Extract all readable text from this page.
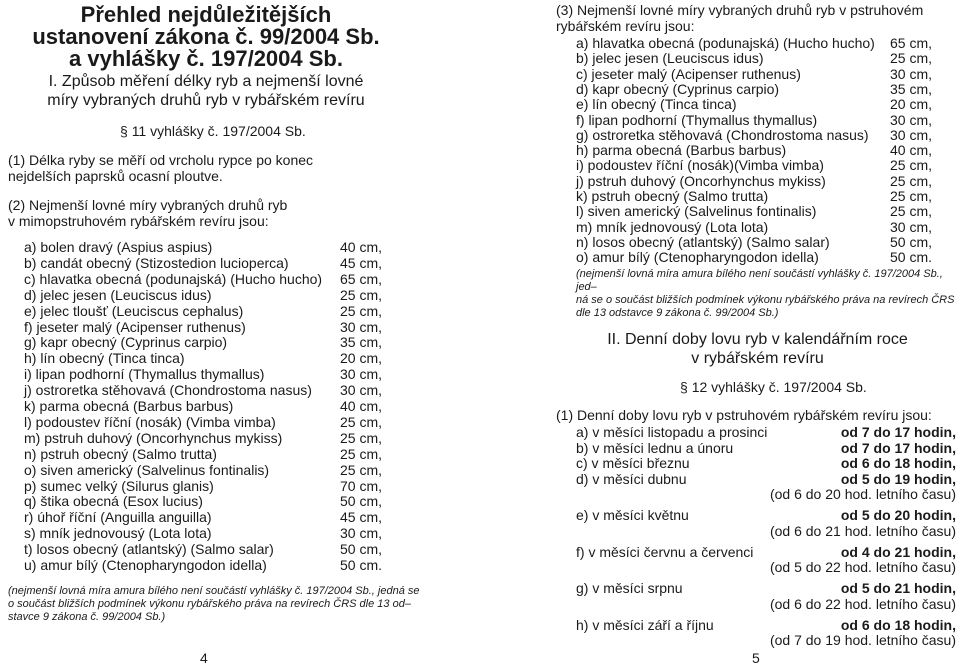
Přehled nejdůležitějších
ustanovení zákona č. 99/2004 Sb.
a vyhlášky č. 197/2004 Sb.
I. Způsob měření délky ryb a nejmenší lovné
míry vybraných druhů ryb v rybářském revíru
§ 11 vyhlášky č. 197/2004 Sb.
(1) Délka ryby se měří od vrcholu rypce po konec
nejdelších paprsků ocasní ploutve.
(2) Nejmenší lovné míry vybraných druhů ryb
v mimopstruhovém rybářském revíru jsou:
a) bolen dravý (Aspius aspius)	40 cm,
b) candát obecný (Stizostedion lucioperca)	45 cm,
c) hlavatka obecná (podunajská) (Hucho hucho) 65 cm,
d) jelec jesen (Leuciscus idus)	25 cm,
e) jelec tloušť (Leuciscus cephalus)	25 cm,
f) jeseter malý (Acipenser ruthenus)	30 cm,
g) kapr obecný (Cyprinus carpio)	35 cm,
h) lín obecný (Tinca tinca)	20 cm,
i) lipan podhorní (Thymallus thymallus)	30 cm,
j) ostroretka stěhovavá (Chondrostoma nasus) 30 cm,
k) parma obecná (Barbus barbus)	40 cm,
l) podoustev říční (nosák) (Vimba vimba)	25 cm,
m) pstruh duhový (Oncorhynchus mykiss)	25 cm,
n) pstruh obecný (Salmo trutta)	25 cm,
o) siven americký (Salvelinus fontinalis)	25 cm,
p) sumec velký (Silurus glanis)	70 cm,
q) štika obecná (Esox lucius)	50 cm,
r) úhoř říční (Anguilla anguilla)	45 cm,
s) mník jednovousý (Lota lota)	30 cm,
t) losos obecný (atlantský) (Salmo salar)	50 cm,
u) amur bílý (Ctenopharyngodon idella)	50 cm.
(nejmenší lovná míra amura bílého není součástí vyhlášky č. 197/2004 Sb., jedná se
o součást bližších podmínek výkonu rybářského práva na revírech ČRS dle 13 od–
stavce 9 zákona č. 99/2004 Sb.)
4
(3) Nejmenší lovné míry vybraných druhů ryb v pstruhovém
rybářském revíru jsou:
a) hlavatka obecná (podunajská) (Hucho hucho) 65 cm,
b) jelec jesen (Leuciscus idus)	25 cm,
c) jeseter malý (Acipenser ruthenus)	30 cm,
d) kapr obecný (Cyprinus carpio)	35 cm,
e) lín obecný (Tinca tinca)	20 cm,
f) lipan podhorní (Thymallus thymallus)	30 cm,
g) ostroretka stěhovavá (Chondrostoma nasus) 30 cm,
h) parma obecná (Barbus barbus)	40 cm,
i) podoustev říční (nosák)(Vimba vimba)	25 cm,
j) pstruh duhový (Oncorhynchus mykiss)	25 cm,
k) pstruh obecný (Salmo trutta)	25 cm,
l) siven americký (Salvelinus fontinalis)	25 cm,
m) mník jednovousý (Lota lota)	30 cm,
n) losos obecný (atlantský) (Salmo salar)	50 cm,
o) amur bílý (Ctenopharyngodon idella)	50 cm.
(nejmenší lovná míra amura bílého není součástí vyhlášky č. 197/2004 Sb., jed–
ná se o součást bližších podmínek výkonu rybářského práva na revírech ČRS
dle 13 odstavce 9 zákona č. 99/2004 Sb.)
II. Denní doby lovu ryb v kalendářním roce
v rybářském revíru
§ 12 vyhlášky č. 197/2004 Sb.
(1) Denní doby lovu ryb v pstruhovém rybářském revíru jsou:
a) v měsíci listopadu a prosinci	od 7 do 17 hodin,
b) v měsíci lednu a únoru	od 7 do 17 hodin,
c) v měsíci březnu	od 6 do 18 hodin,
d) v měsíci dubnu	od 5 do 19 hodin,
(od 6 do 20 hod. letního času)
e) v měsíci květnu	od 5 do 20 hodin,
(od 6 do 21 hod. letního času)
f) v měsíci červnu a červenci	od 4 do 21 hodin,
(od 5 do 22 hod. letního času)
g) v měsíci srpnu	od 5 do 21 hodin,
(od 6 do 22 hod. letního času)
h) v měsíci září a říjnu	od 6 do 18 hodin,
(od 7 do 19 hod. letního času)
5
